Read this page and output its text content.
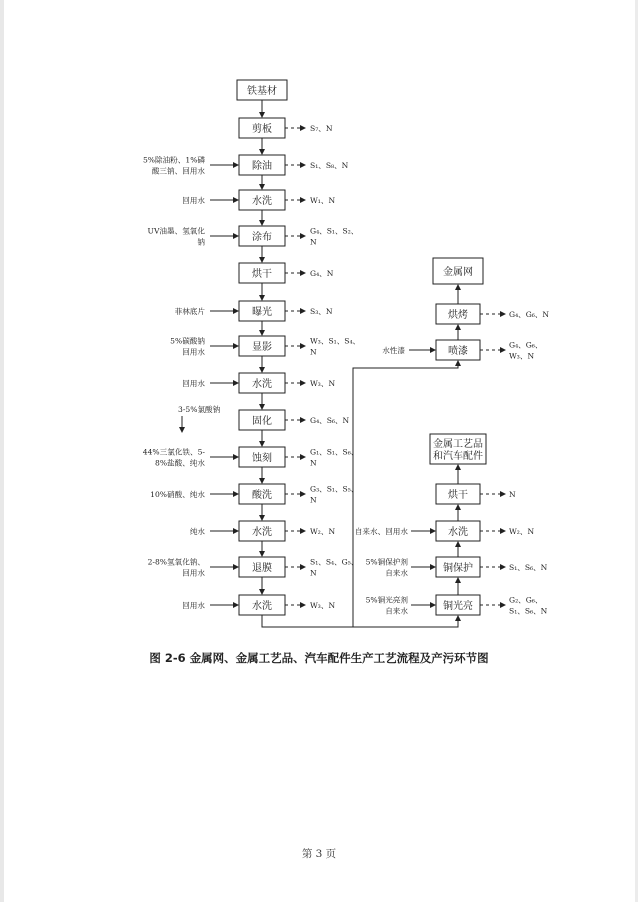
铁基材
剪板	S₇、N
除油
5%除油粉、1%磷
酸三钠、回用水
S₁、S₈、N
水洗
回用水	W₁、N
涂布
UV油墨、氢氧化
钠
G₄、S₁、S₂、
N
烘干	G₄、N
曝光
菲林底片	S₃、N
显影
5%碳酸钠
回用水
W₃、S₁、S₄、
N
水洗
回用水	W₃、N
固化	G₄、S₆、N
蚀刻
44%三氯化铁、5-
8%盐酸、纯水
G₁、S₁、S₆、
N
酸洗
10%硝酸、纯水
G₃、S₁、S₅、
N
水洗
纯水	W₂、N
退膜
2-8%氢氧化钠、
回用水
S₁、S₄、G₅、
N
水洗
回用水	W₃、N
3-5%氯酸钠
金属网
烘烤
喷漆
G₄、G₆、N
G₄、G₆、
W₃、N
水性漆
金属工艺品
和汽车配件
烘干
水洗
铜保护
铜光亮
N
W₂、N
S₁、S₆、N
G₂、G₆、
S₁、S₆、N
自来水、回用水
5%铜保护剂
自来水
5%铜光亮剂
自来水
图 2-6 金属网、金属工艺品、汽车配件生产工艺流程及产污环节图
第 3 页
